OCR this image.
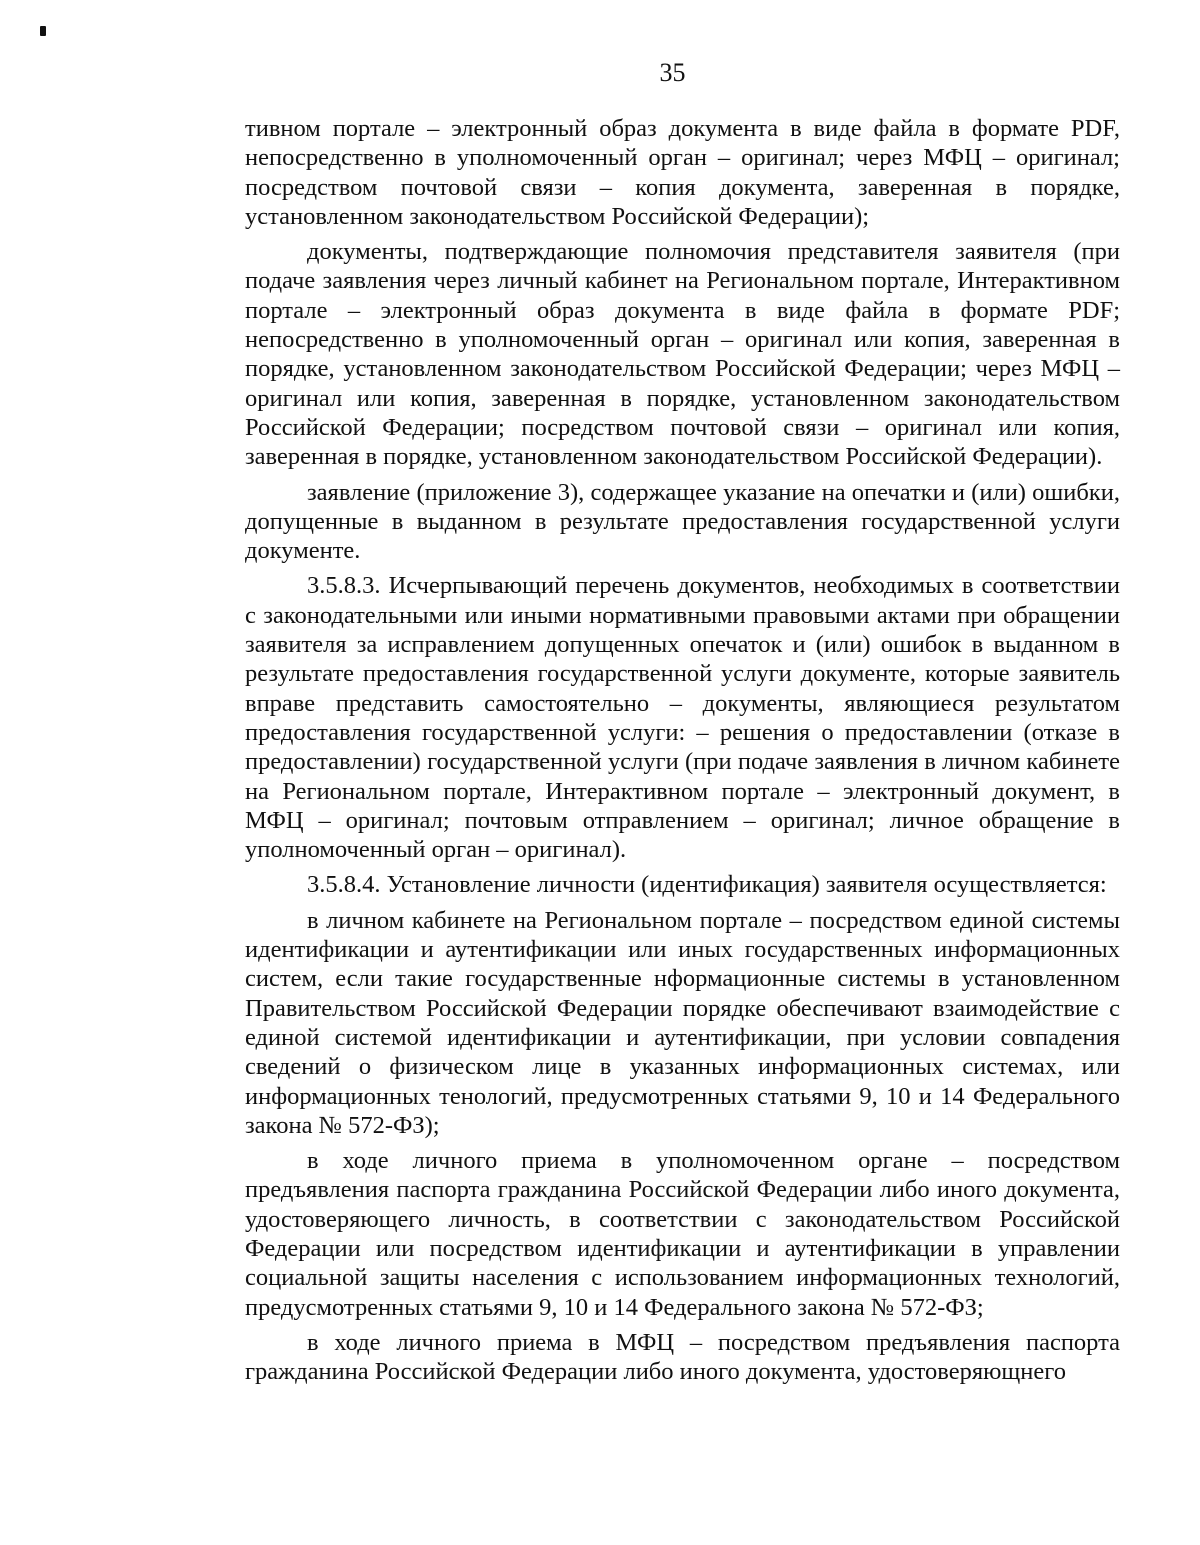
35

тивном портале – электронный образ документа в виде файла в формате PDF, непосредственно в уполномоченный орган – оригинал; через МФЦ – оригинал; посредством почтовой связи – копия документа, заверенная в порядке, установленном законодательством Российской Федерации);

документы, подтверждающие полномочия представителя заявителя (при подаче заявления через личный кабинет на Региональном портале, Интерактивном портале – электронный образ документа в виде файла в формате PDF; непосредственно в уполномоченный орган – оригинал или копия, заверенная в порядке, установленном законодательством Российской Федерации; через МФЦ – оригинал или копия, заверенная в порядке, установленном законодательством Российской Федерации; посредством почтовой связи – оригинал или копия, заверенная в порядке, установленном законодательством Российской Федерации).

заявление (приложение 3), содержащее указание на опечатки и (или) ошибки, допущенные в выданном в результате предоставления государственной услуги документе.

3.5.8.3. Исчерпывающий перечень документов, необходимых в соответствии с законодательными или иными нормативными правовыми актами при обращении заявителя за исправлением допущенных опечаток и (или) ошибок в выданном в результате предоставления государственной услуги документе, которые заявитель вправе представить самостоятельно – документы, являющиеся результатом предоставления государственной услуги: – решения о предоставлении (отказе в предоставлении) государственной услуги (при подаче заявления в личном кабинете на Региональном портале, Интерактивном портале – электронный документ, в МФЦ – оригинал; почтовым отправлением – оригинал; личное обращение в уполномоченный орган – оригинал).

3.5.8.4. Установление личности (идентификация) заявителя осуществляется:

в личном кабинете на Региональном портале – посредством единой системы идентификации и аутентификации или иных государственных информационных систем, если такие государственные нформационные системы в установленном Правительством Российской Федерации порядке обеспечивают взаимодействие с единой системой идентификации и аутентификации, при условии совпадения сведений о физическом лице в указанных информационных системах, или информационных тенологий, предусмотренных статьями 9, 10 и 14 Федерального закона № 572-ФЗ);

в ходе личного приема в уполномоченном органе – посредством предъявления паспорта гражданина Российской Федерации либо иного документа, удостоверяющего личность, в соответствии с законодательством Российской Федерации или посредством идентификации и аутентификации в управлении социальной защиты населения с использованием информационных технологий, предусмотренных статьями 9, 10 и 14 Федерального закона № 572-ФЗ;

в ходе личного приема в МФЦ – посредством предъявления паспорта гражданина Российской Федерации либо иного документа, удостоверяющнего
